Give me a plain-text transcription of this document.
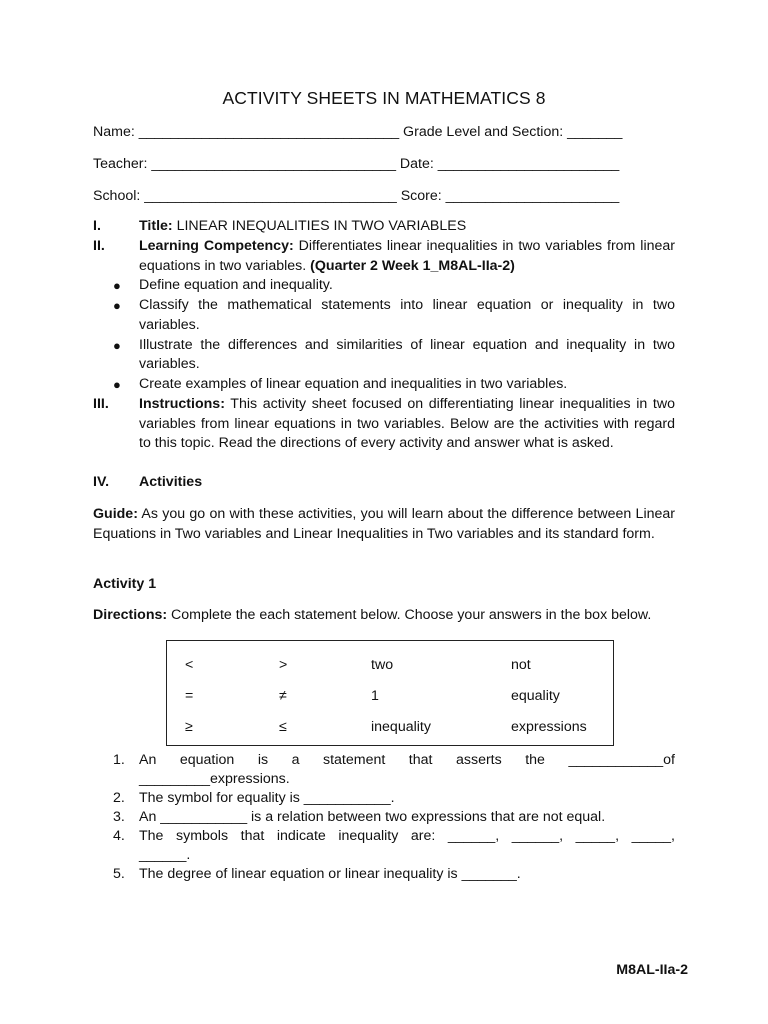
ACTIVITY SHEETS IN MATHEMATICS 8
Name: _________________________________ Grade Level and Section: _______
Teacher: _______________________________ Date: _______________________
School: ________________________________ Score: ______________________
I.	Title: LINEAR INEQUALITIES IN TWO VARIABLES
II.	Learning Competency: Differentiates linear inequalities in two variables from linear equations in two variables. (Quarter 2 Week 1_M8AL-IIa-2)
●	Define equation and inequality.
●	Classify the mathematical statements into linear equation or inequality in two variables.
●	Illustrate the differences and similarities of linear equation and inequality in two variables.
●	Create examples of linear equation and inequalities in two variables.
III.	Instructions: This activity sheet focused on differentiating linear inequalities in two variables from linear equations in two variables. Below are the activities with regard to this topic. Read the directions of every activity and answer what is asked.
IV.	Activities
Guide: As you go on with these activities, you will learn about the difference between Linear Equations in Two variables and Linear Inequalities in Two variables and its standard form.
Activity 1
Directions: Complete the each statement below. Choose your answers in the box below.
<	>	two	not
=	≠	1	equality
≥	≤	inequality	expressions
1. An equation is a statement that asserts the ____________of
_________expressions.
2. The symbol for equality is ___________.
3. An ___________ is a relation between two expressions that are not equal.
4. The symbols that indicate inequality are: ______, ______, _____, _____,
______.
5. The degree of linear equation or linear inequality is _______.
M8AL-IIa-2
